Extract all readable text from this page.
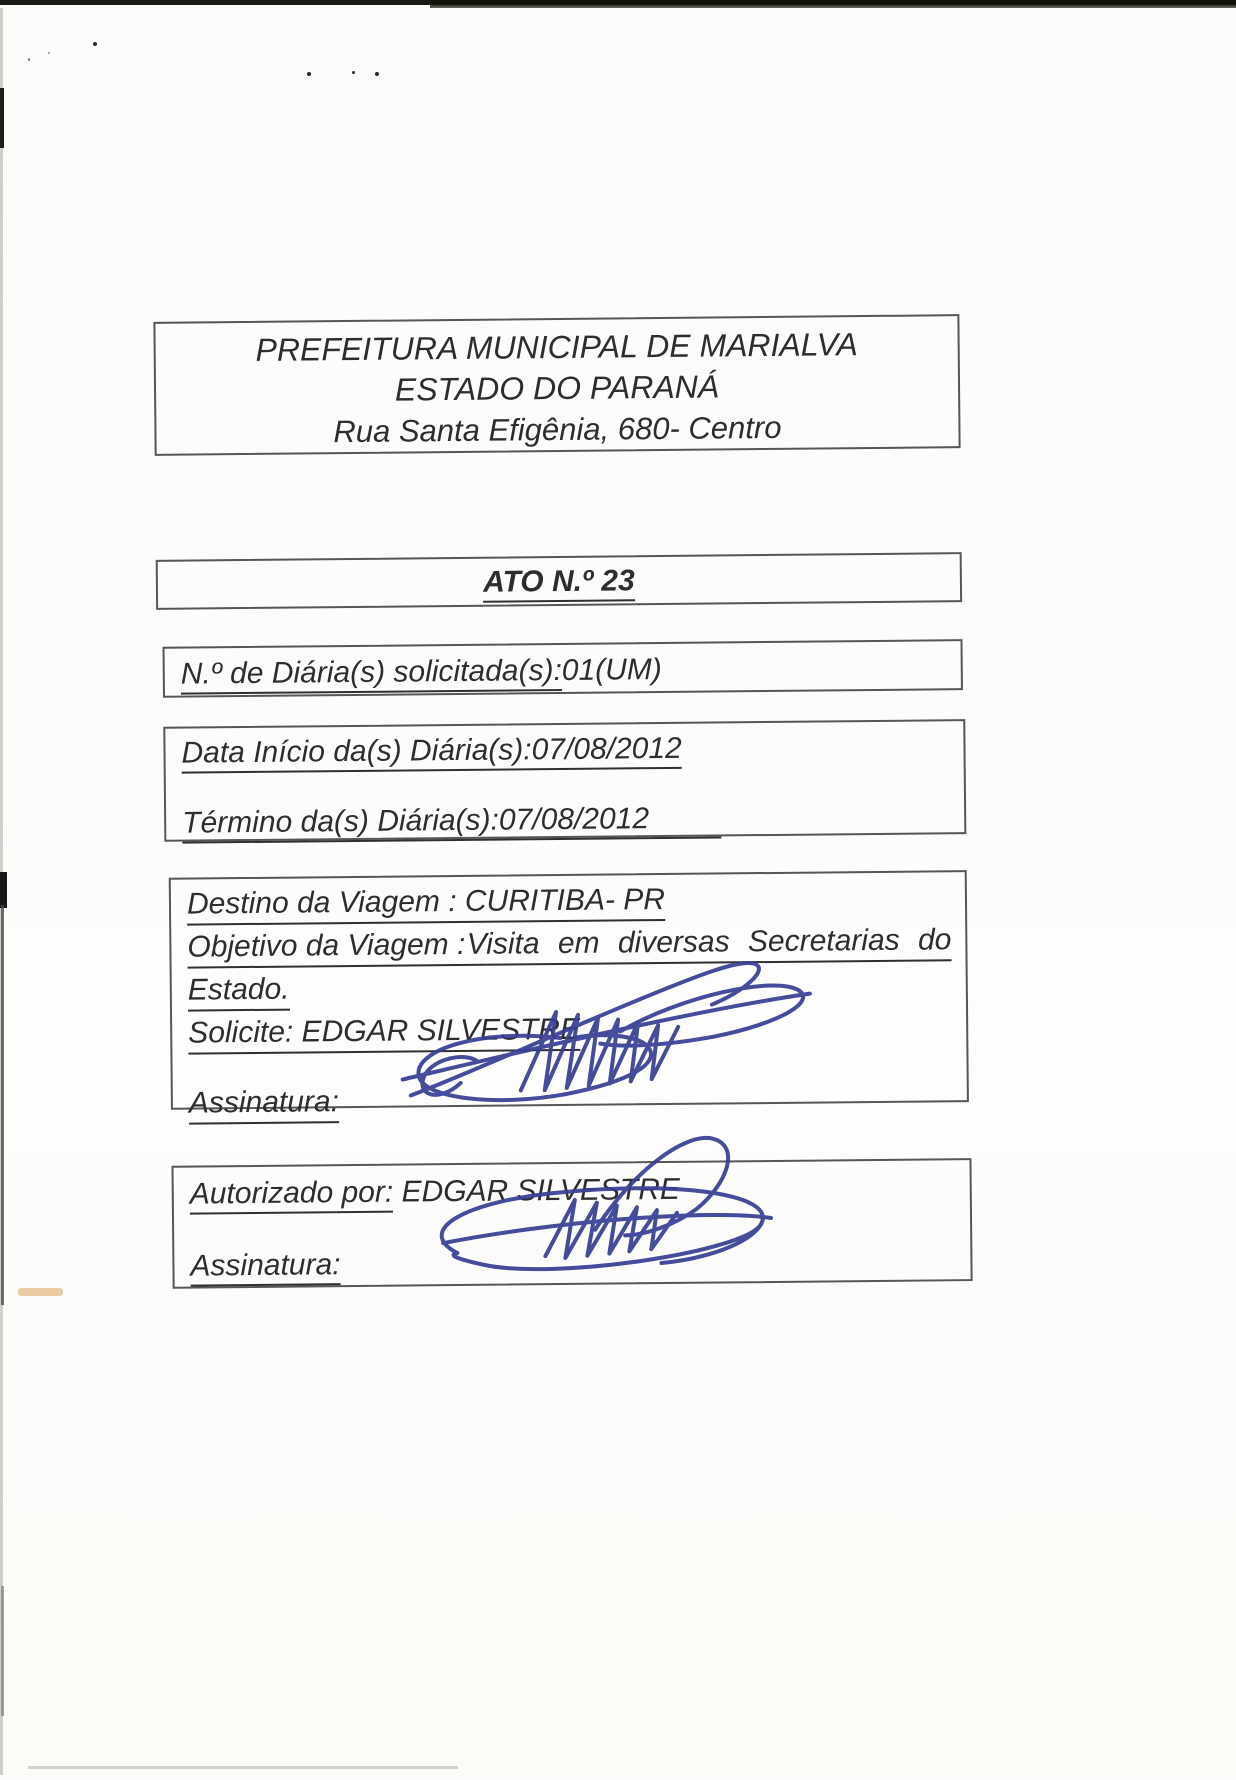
PREFEITURA MUNICIPAL DE MARIALVA
ESTADO DO PARANÁ
Rua Santa Efigênia, 680- Centro
ATO N.º 23
N.º de Diária(s) solicitada(s):01(UM)
Data Início da(s) Diária(s):07/08/2012
Término da(s) Diária(s):07/08/2012
Destino da Viagem : CURITIBA- PR
Objetivo da Viagem : Visita em diversas Secretarias do
Estado.
Solicite: EDGAR SILVESTRE
Assinatura:
Autorizado por: EDGAR SILVESTRE
Assinatura:
